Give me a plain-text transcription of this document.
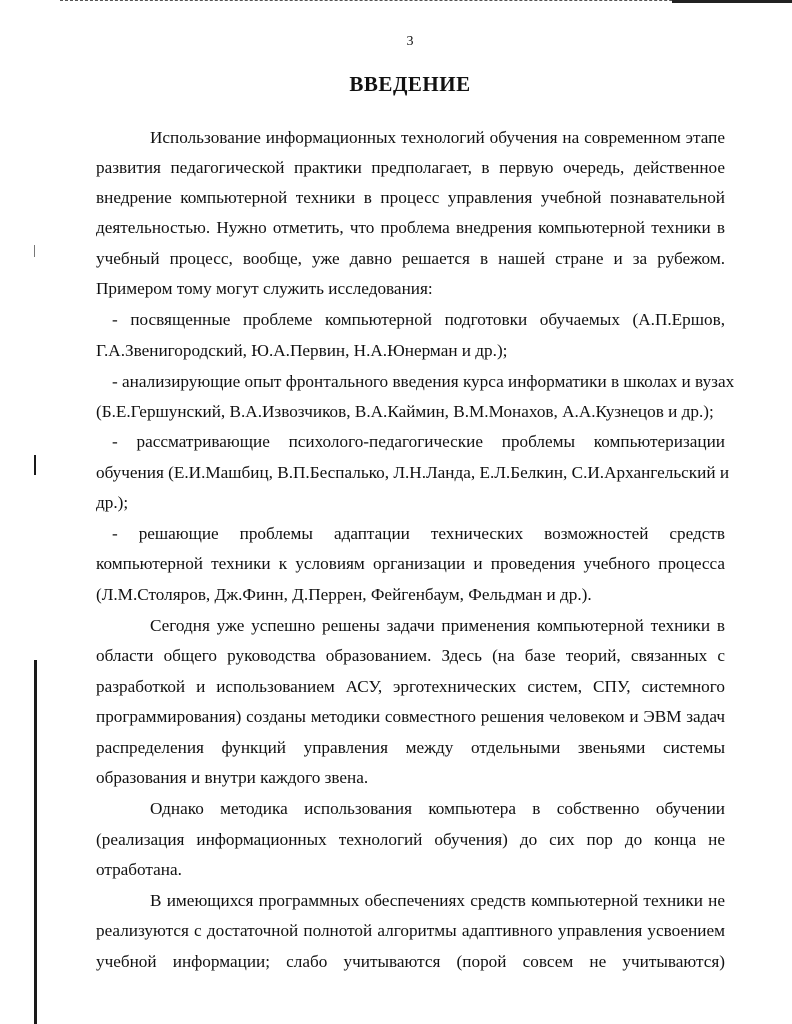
3
ВВЕДЕНИЕ
Использование информационных технологий обучения на современном этапе
развития педагогической практики предполагает, в первую очередь, действенное
внедрение компьютерной техники в процесс управления учебной познавательной
деятельностью. Нужно отметить, что проблема внедрения компьютерной техники в
учебный процесс, вообще, уже давно решается в нашей стране и за рубежом.
Примером тому могут служить исследования:
- посвященные проблеме компьютерной подготовки обучаемых (А.П.Ершов,
Г.А.Звенигородский, Ю.А.Первин, Н.А.Юнерман и др.);
- анализирующие опыт фронтального введения курса информатики в школах и вузах
(Б.Е.Гершунский, В.А.Извозчиков, В.А.Каймин, В.М.Монахов, А.А.Кузнецов и др.);
- рассматривающие психолого-педагогические проблемы компьютеризации
обучения (Е.И.Машбиц, В.П.Беспалько, Л.Н.Ланда, Е.Л.Белкин, С.И.Архангельский и
др.);
- решающие проблемы адаптации технических возможностей средств
компьютерной техники к условиям организации и проведения учебного процесса
(Л.М.Столяров, Дж.Финн, Д.Перрен, Фейгенбаум, Фельдман и др.).
Сегодня уже успешно решены задачи применения компьютерной техники в
области общего руководства образованием. Здесь (на базе теорий, связанных с
разработкой и использованием АСУ, эрготехнических систем, СПУ, системного
программирования) созданы методики совместного решения человеком и ЭВМ задач
распределения функций управления между отдельными звеньями системы
образования и внутри каждого звена.
Однако методика использования компьютера в собственно обучении
(реализация информационных технологий обучения) до сих пор до конца не
отработана.
В имеющихся программных обеспечениях средств компьютерной техники не
реализуются с достаточной полнотой алгоритмы адаптивного управления усвоением
учебной информации; слабо учитываются (порой совсем не учитываются)
